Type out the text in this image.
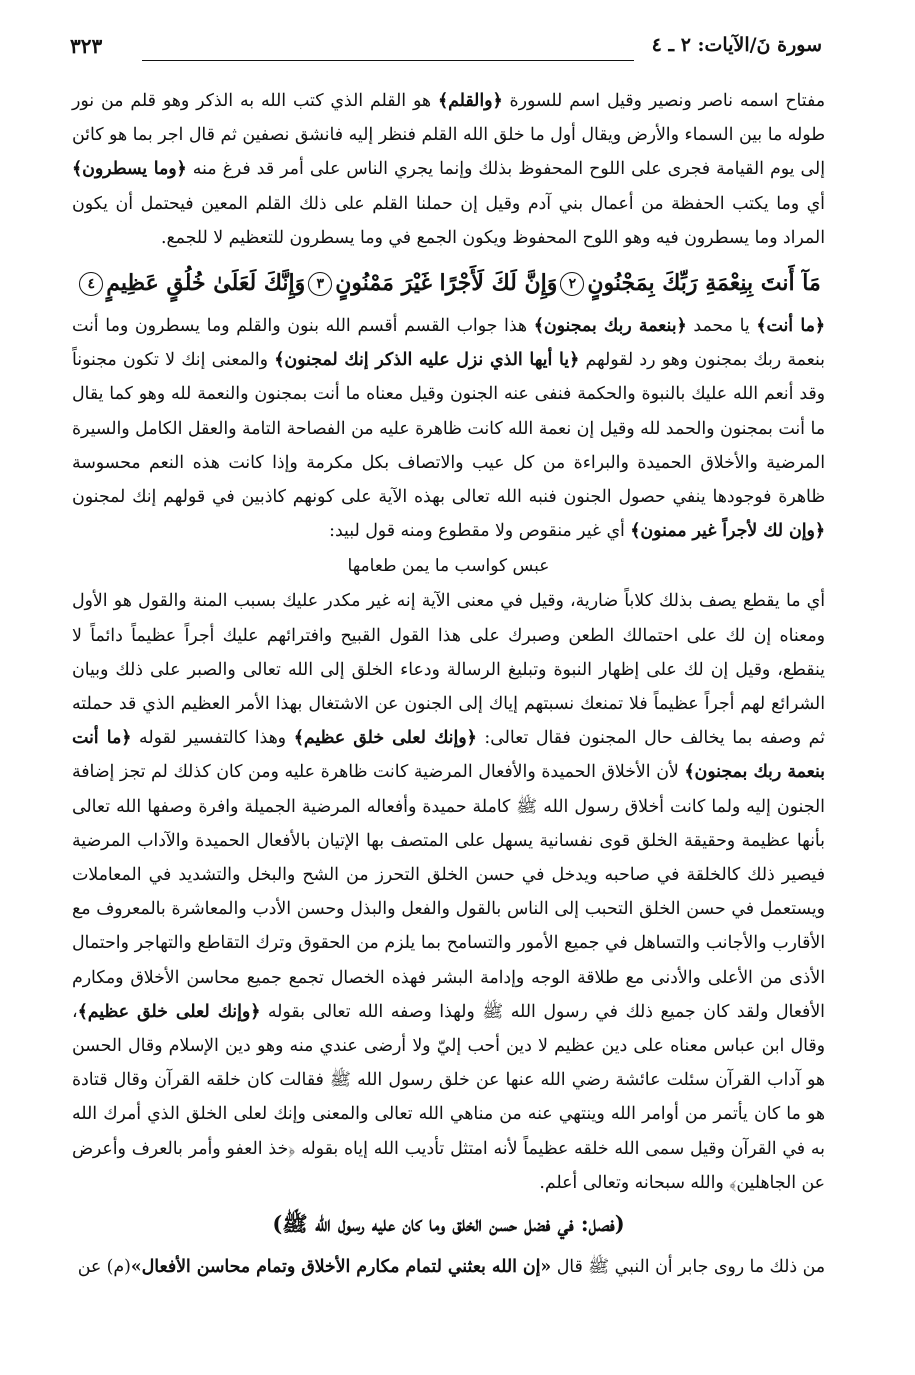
سورة نَ/الآيات: ٢ ـ ٤
٣٢٣

مفتاح اسمه ناصر ونصير وقيل اسم للسورة ﴿والقلم﴾ هو القلم الذي كتب الله به الذكر وهو قلم من نور طوله ما بين السماء والأرض ويقال أول ما خلق الله القلم فنظر إليه فانشق نصفين ثم قال اجر بما هو كائن إلى يوم القيامة فجرى على اللوح المحفوظ بذلك وإنما يجري الناس على أمر قد فرغ منه ﴿وما يسطرون﴾ أي وما يكتب الحفظة من أعمال بني آدم وقيل إن حملنا القلم على ذلك القلم المعين فيحتمل أن يكون المراد وما يسطرون فيه وهو اللوح المحفوظ ويكون الجمع في وما يسطرون للتعظيم لا للجمع.

مَآ أَنتَ بِنِعْمَةِ رَبِّكَ بِمَجْنُونٍ٢وَإِنَّ لَكَ لَأَجْرًا غَيْرَ مَمْنُونٍ٣وَإِنَّكَ لَعَلَىٰ خُلُقٍ عَظِيمٍ٤

﴿ما أنت﴾ يا محمد ﴿بنعمة ربك بمجنون﴾ هذا جواب القسم أقسم الله بنون والقلم وما يسطرون وما أنت بنعمة ربك بمجنون وهو رد لقولهم ﴿يا أيها الذي نزل عليه الذكر إنك لمجنون﴾ والمعنى إنك لا تكون مجنوناً وقد أنعم الله عليك بالنبوة والحكمة فنفى عنه الجنون وقيل معناه ما أنت بمجنون والنعمة لله وهو كما يقال ما أنت بمجنون والحمد لله وقيل إن نعمة الله كانت ظاهرة عليه من الفصاحة التامة والعقل الكامل والسيرة المرضية والأخلاق الحميدة والبراءة من كل عيب والاتصاف بكل مكرمة وإذا كانت هذه النعم محسوسة ظاهرة فوجودها ينفي حصول الجنون فنبه الله تعالى بهذه الآية على كونهم كاذبين في قولهم إنك لمجنون ﴿وإن لك لأجراً غير ممنون﴾ أي غير منقوص ولا مقطوع ومنه قول لبيد:

عبس كواسب ما يمن طعامها

أي ما يقطع يصف بذلك كلاباً ضارية، وقيل في معنى الآية إنه غير مكدر عليك بسبب المنة والقول هو الأول ومعناه إن لك على احتمالك الطعن وصبرك على هذا القول القبيح وافترائهم عليك أجراً عظيماً دائماً لا ينقطع، وقيل إن لك على إظهار النبوة وتبليغ الرسالة ودعاء الخلق إلى الله تعالى والصبر على ذلك وبيان الشرائع لهم أجراً عظيماً فلا تمنعك نسبتهم إياك إلى الجنون عن الاشتغال بهذا الأمر العظيم الذي قد حملته ثم وصفه بما يخالف حال المجنون فقال تعالى: ﴿وإنك لعلى خلق عظيم﴾ وهذا كالتفسير لقوله ﴿ما أنت بنعمة ربك بمجنون﴾ لأن الأخلاق الحميدة والأفعال المرضية كانت ظاهرة عليه ومن كان كذلك لم تجز إضافة الجنون إليه ولما كانت أخلاق رسول الله ﷺ كاملة حميدة وأفعاله المرضية الجميلة وافرة وصفها الله تعالى بأنها عظيمة وحقيقة الخلق قوى نفسانية يسهل على المتصف بها الإتيان بالأفعال الحميدة والآداب المرضية فيصير ذلك كالخلقة في صاحبه ويدخل في حسن الخلق التحرز من الشح والبخل والتشديد في المعاملات ويستعمل في حسن الخلق التحبب إلى الناس بالقول والفعل والبذل وحسن الأدب والمعاشرة بالمعروف مع الأقارب والأجانب والتساهل في جميع الأمور والتسامح بما يلزم من الحقوق وترك التقاطع والتهاجر واحتمال الأذى من الأعلى والأدنى مع طلاقة الوجه وإدامة البشر فهذه الخصال تجمع جميع محاسن الأخلاق ومكارم الأفعال ولقد كان جميع ذلك في رسول الله ﷺ ولهذا وصفه الله تعالى بقوله ﴿وإنك لعلى خلق عظيم﴾، وقال ابن عباس معناه على دين عظيم لا دين أحب إليّ ولا أرضى عندي منه وهو دين الإسلام وقال الحسن هو آداب القرآن سئلت عائشة رضي الله عنها عن خلق رسول الله ﷺ فقالت كان خلقه القرآن وقال قتادة هو ما كان يأتمر من أوامر الله وينتهي عنه من مناهي الله تعالى والمعنى وإنك لعلى الخلق الذي أمرك الله به في القرآن وقيل سمى الله خلقه عظيماً لأنه امتثل تأديب الله إياه بقوله ﴿خذ العفو وأمر بالعرف وأعرض عن الجاهلين﴾ والله سبحانه وتعالى أعلم.

(فصل: في فضل حسن الخلق وما كان عليه رسول الله ﷺ)

من ذلك ما روى جابر أن النبي ﷺ قال «إن الله بعثني لتمام مكارم الأخلاق وتمام محاسن الأفعال»(م) عن
